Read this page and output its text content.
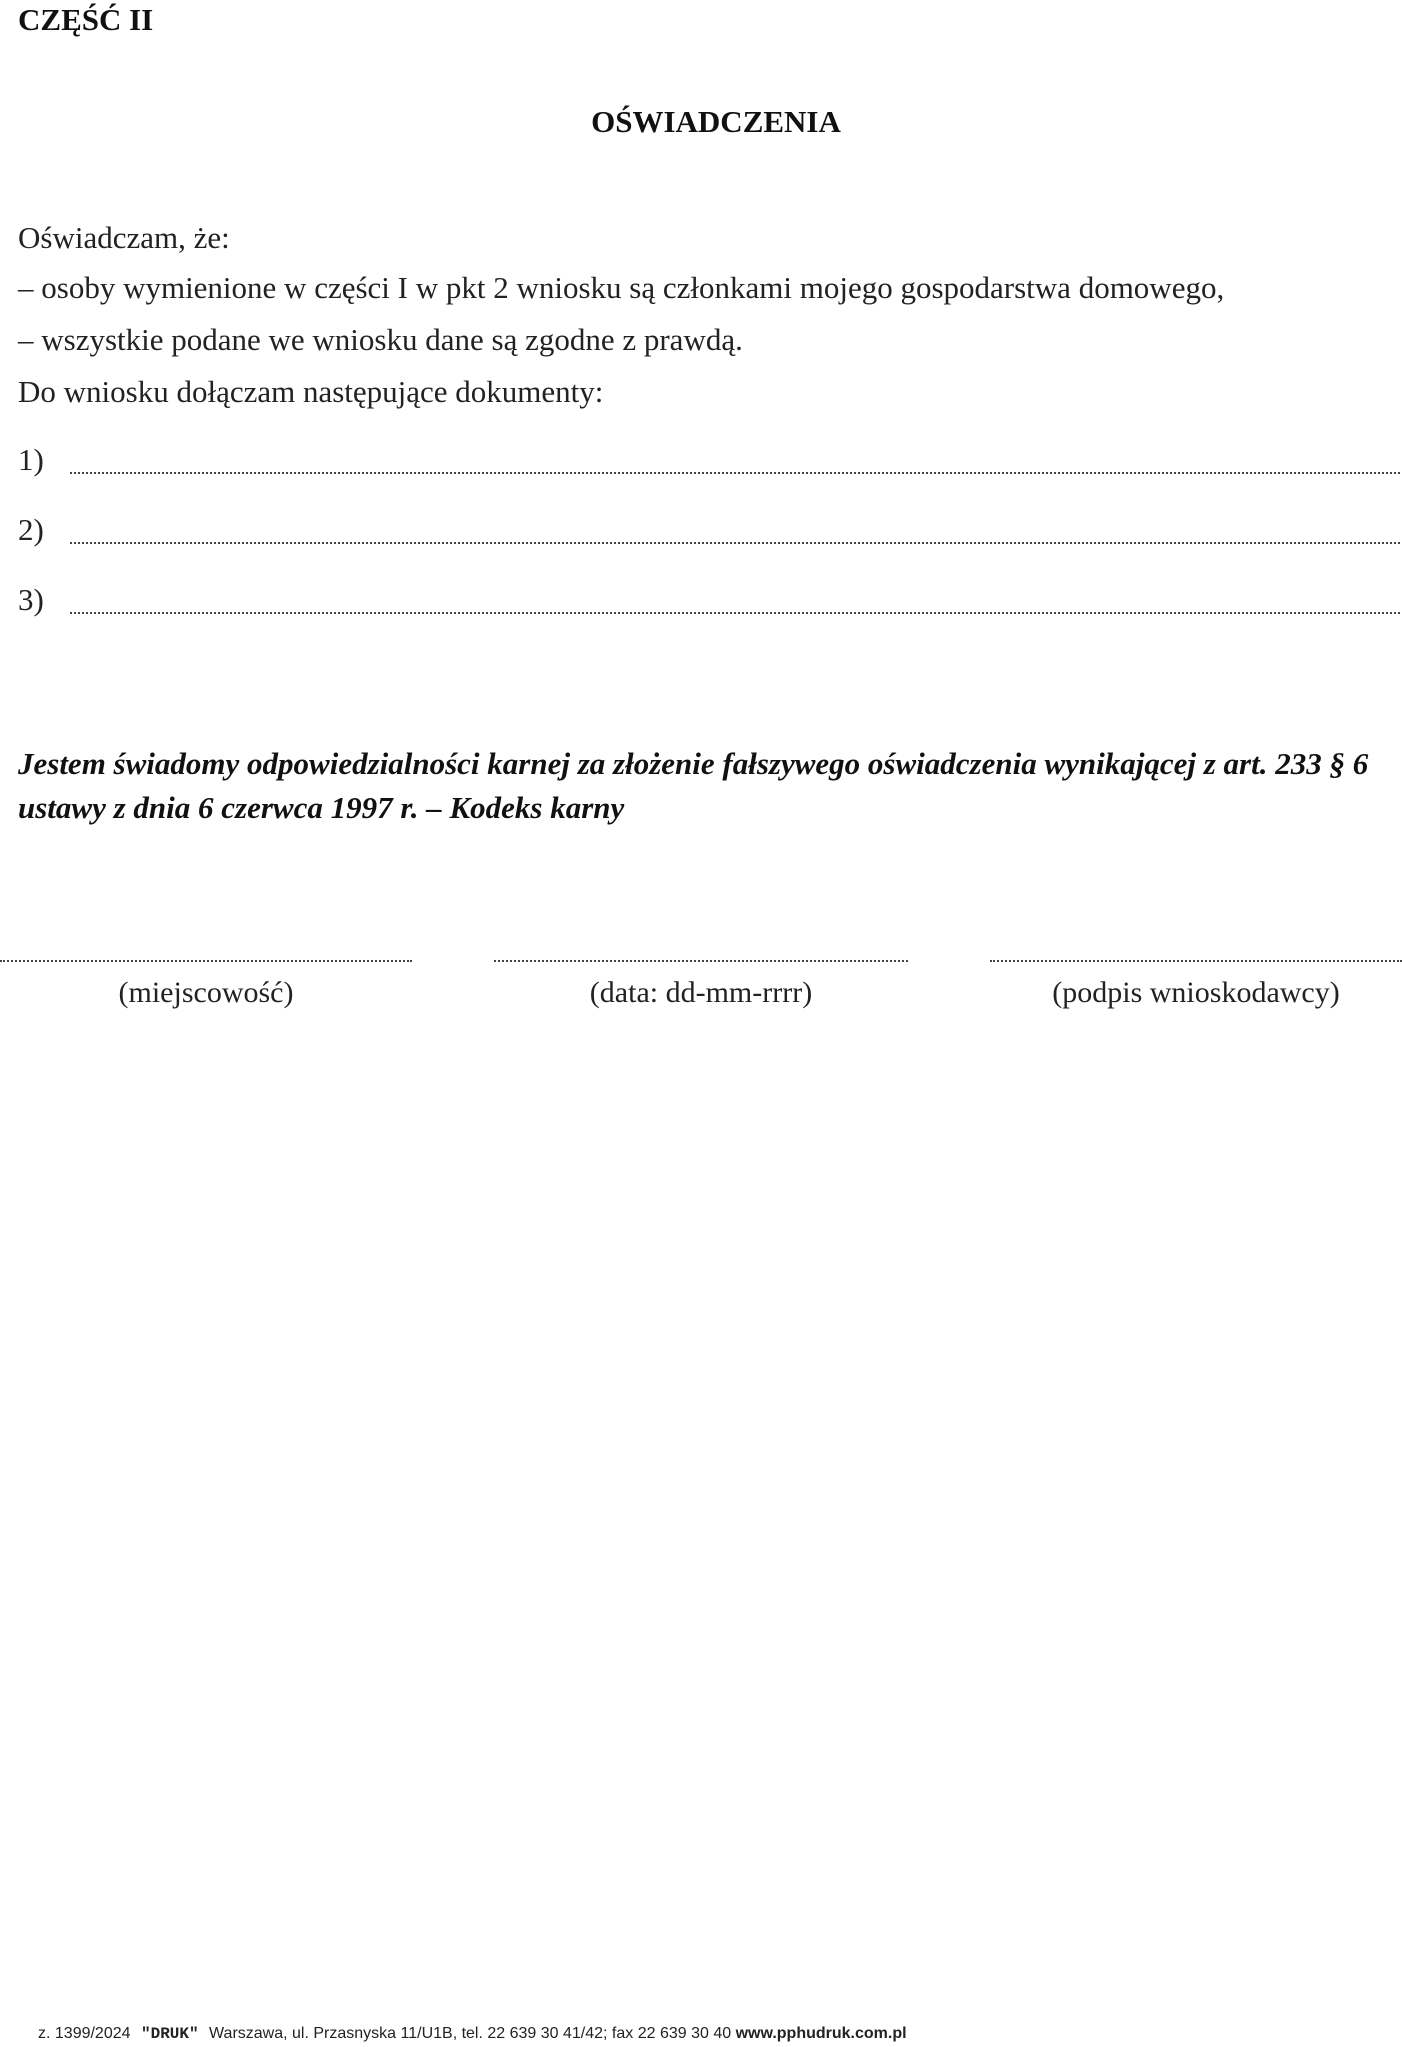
CZĘŚĆ II
OŚWIADCZENIA
Oświadczam, że:
– osoby wymienione w części I w pkt 2 wniosku są członkami mojego gospodarstwa domowego,
– wszystkie podane we wniosku dane są zgodne z prawdą.
Do wniosku dołączam następujące dokumenty:
1)
2)
3)
Jestem świadomy odpowiedzialności karnej za złożenie fałszywego oświadczenia wynikającej z art. 233 § 6 ustawy z dnia 6 czerwca 1997 r. – Kodeks karny
(miejscowość)	(data: dd-mm-rrrr)	(podpis wnioskodawcy)
z. 1399/2024 "DRUK" Warszawa, ul. Przasnyska 11/U1B, tel. 22 639 30 41/42; fax 22 639 30 40 www.pphudruk.com.pl
